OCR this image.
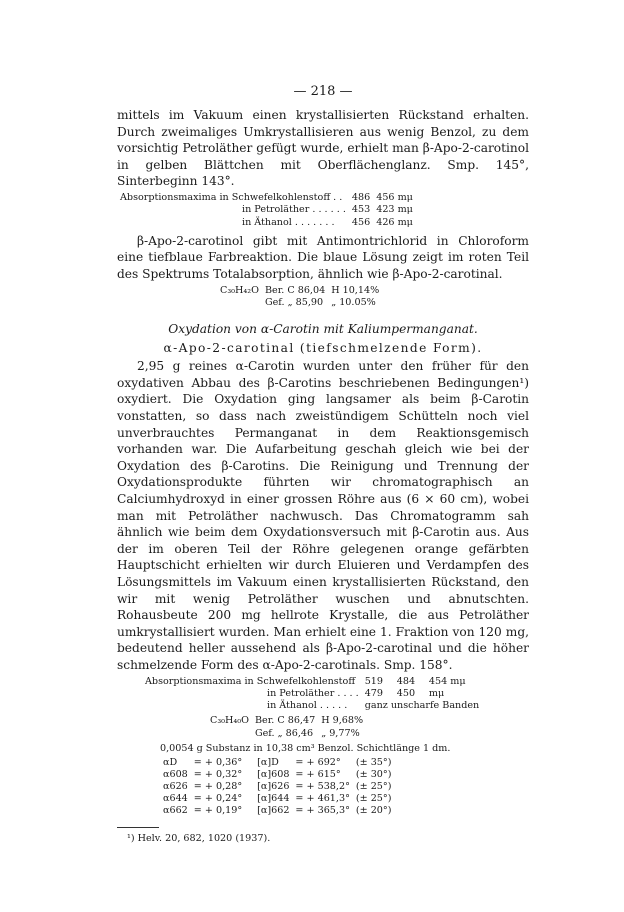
— 218 —

mittels im Vakuum einen krystallisierten Rückstand erhalten. Durch zweimaliges Umkrystallisieren aus wenig Benzol, zu dem vorsichtig Petroläther gefügt wurde, erhielt man β-Apo-2-carotinol in gelben Blättchen mit Oberflächenglanz. Smp. 145°, Sinterbeginn 143°.

Absorptionsmaxima in Schwefelkohlenstoff . .	486	456 mμ
in Petroläther . . . . . .	453	423 mμ
in Äthanol . . . . . . .	456	426 mμ

β-Apo-2-carotinol gibt mit Antimontrichlorid in Chloroform eine tiefblaue Farbreaktion. Die blaue Lösung zeigt im roten Teil des Spektrums Totalabsorption, ähnlich wie β-Apo-2-carotinal.

C₃₀H₄₂O	Ber. C 86,04	H 10,14%
	Gef. „ 85,90	„ 10.05%
Oxydation von α-Carotin mit Kaliumpermanganat.
α-Apo-2-carotinal (tiefschmelzende Form).

2,95 g reines α-Carotin wurden unter den früher für den oxydativen Abbau des β-Carotins beschriebenen Bedingungen¹) oxydiert. Die Oxydation ging langsamer als beim β-Carotin vonstatten, so dass nach zweistündigem Schütteln noch viel unverbrauchtes Permanganat in dem Reaktionsgemisch vorhanden war. Die Aufarbeitung geschah gleich wie bei der Oxydation des β-Carotins. Die Reinigung und Trennung der Oxydationsprodukte führten wir chromatographisch an Calciumhydroxyd in einer grossen Röhre aus (6 × 60 cm), wobei man mit Petroläther nachwusch. Das Chromatogramm sah ähnlich wie beim dem Oxydationsversuch mit β-Carotin aus. Aus der im oberen Teil der Röhre gelegenen orange gefärbten Hauptschicht erhielten wir durch Eluieren und Verdampfen des Lösungsmittels im Vakuum einen krystallisierten Rückstand, den wir mit wenig Petroläther wuschen und abnutschten. Rohausbeute 200 mg hellrote Krystalle, die aus Petroläther umkrystallisiert wurden. Man erhielt eine 1. Fraktion von 120 mg, bedeutend heller aussehend als β-Apo-2-carotinal und die höher schmelzende Form des α-Apo-2-carotinals. Smp. 158°.

Absorptionsmaxima in Schwefelkohlenstoff	519	484	454 mμ
in Petroläther . . . .	479	450	mμ
in Äthanol . . . . .	ganz unscharfe Banden		
C₃₀H₄₀O	Ber. C 86,47	H 9,68%
	Gef. „ 86,46	„ 9,77%
0,0054 g Substanz in 10,38 cm³ Benzol. Schichtlänge 1 dm.
αD	= + 0,36°	[α]D	= + 692°	(± 35°)
α608	= + 0,32°	[α]608	= + 615°	(± 30°)
α626	= + 0,28°	[α]626	= + 538,2°	(± 25°)
α644	= + 0,24°	[α]644	= + 461,3°	(± 25°)
α662	= + 0,19°	[α]662	= + 365,3°	(± 20°)
¹) Helv. 20, 682, 1020 (1937).
